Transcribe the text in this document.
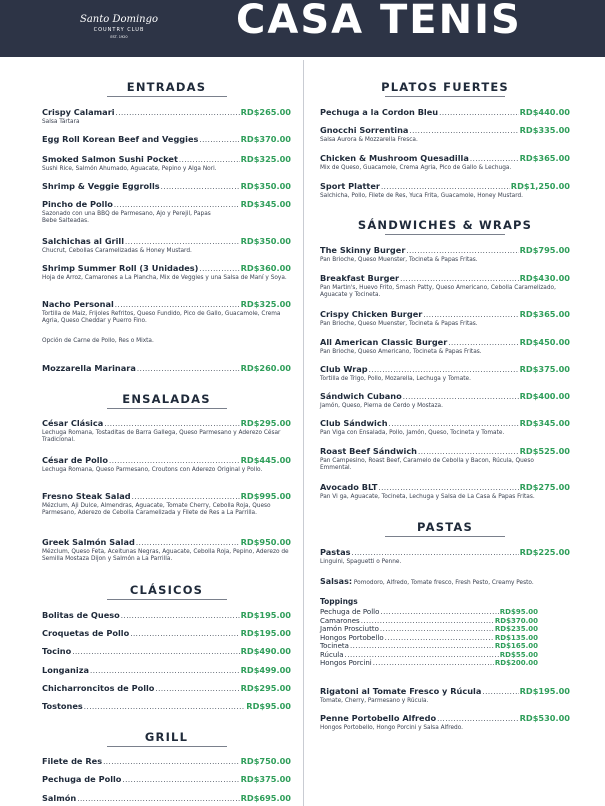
Santo Domingo
COUNTRY CLUB
EST. 1920	CASA TENIS
ENTRADAS
Crispy Calamari .....	RD$265.00
Salsa Tártara
Egg Roll Korean Beef and Veggies .....	RD$370.00
Smoked Salmon Sushi Pocket .....	RD$325.00
Sushi Rice, Salmón Ahumado, Aguacate, Pepino y Alga Nori.
Shrimp & Veggie Eggrolls .....	RD$350.00
Pincho de Pollo .....	RD$345.00
Sazonado con una BBQ de Parmesano, Ajo y Perejil, Papas Bebe Salteadas.
Salchichas al Grill .....	RD$350.00
Chucrut, Cebollas Caramelizadas & Honey Mustard.
Shrimp Summer Roll (3 Unidades) .....	RD$360.00
Hoja de Arroz, Camarones a La Plancha, Mix de Veggies y una Salsa de Maní y Soya.
Nacho Personal .....	RD$325.00
Tortilla de Maiz, Frijoles Refritos, Queso Fundido, Pico de Gallo, Guacamole, Crema Agria, Queso Cheddar y Puerro Fino.
Opción de Carne de Pollo, Res o Mixta.
Mozzarella Marinara .....	RD$260.00
ENSALADAS
César Clásica .....	RD$295.00
Lechuga Romana, Tostaditas de Barra Gallega, Queso Parmesano y Aderezo César Tradicional.
César de Pollo .....	RD$445.00
Lechuga Romana, Queso Parmesano, Croutons con Aderezo Original y Pollo.
Fresno Steak Salad .....	RD$995.00
Mézclum, Aji Dulce, Almendras, Aguacate, Tomate Cherry, Cebolla Roja, Queso Parmesano, Aderezo de Cebolla Caramelizada y Filete de Res a La Parrilla.
Greek Salmón Salad .....	RD$950.00
Mézclum, Queso Feta, Aceitunas Negras, Aguacate, Cebolla Roja, Pepino, Aderezo de Semilla Mostaza Dijon y Salmón a La Parrilla.
CLÁSICOS
Bolitas de Queso .....	RD$195.00
Croquetas de Pollo .....	RD$195.00
Tocino .....	RD$490.00
Longaniza .....	RD$499.00
Chicharroncitos de Pollo .....	RD$295.00
Tostones .....	RD$95.00
GRILL
Filete de Res .....	RD$750.00
Pechuga de Pollo .....	RD$375.00
Salmón .....	RD$695.00
PLATOS FUERTES
Pechuga a la Cordon Bleu .....	RD$440.00
Gnocchi Sorrentina .....	RD$335.00
Salsa Aurora & Mozzarella Fresca.
Chicken & Mushroom Quesadilla .....	RD$365.00
Mix de Queso, Guacamole, Crema Agria, Pico de Gallo & Lechuga.
Sport Platter .....	RD$1,250.00
Salchicha, Pollo, Filete de Res, Yuca Frita, Guacamole, Honey Mustard.
SÁNDWICHES & WRAPS
The Skinny Burger .....	RD$795.00
Pan Brioche, Queso Muenster, Tocineta & Papas Fritas.
Breakfast Burger .....	RD$430.00
Pan Martin's, Huevo Frito, Smash Patty, Queso Americano, Cebolla Caramelizado, Aguacate y Tocineta.
Crispy Chicken Burger .....	RD$365.00
Pan Brioche, Queso Muenster, Tocineta & Papas Fritas.
All American Classic Burger .....	RD$450.00
Pan Brioche, Queso Americano, Tocineta & Papas Fritas.
Club Wrap .....	RD$375.00
Tortilla de Trigo, Pollo, Mozarella, Lechuga y Tomate.
Sándwich Cubano .....	RD$400.00
Jamón, Queso, Pierna de Cerdo y Mostaza.
Club Sándwich .....	RD$345.00
Pan Viga con Ensalada, Pollo, Jamón, Queso, Tocineta y Tomate.
Roast Beef Sándwich .....	RD$525.00
Pan Campesino, Roast Beef, Caramelo de Cebolla y Bacon, Rúcula, Queso Emmental.
Avocado BLT .....	RD$275.00
Pan Vi ga, Aguacate, Tocineta, Lechuga y Salsa de La Casa & Papas Fritas.
PASTAS
Pastas .....	RD$225.00
Linguini, Spaguetti o Penne.
Salsas: Pomodoro, Alfredo, Tomate fresco, Fresh Pesto, Creamy Pesto.
Toppings
Pechuga de Pollo .....	RD$95.00
Camarones .....	RD$370.00
Jamón Prosciutto .....	RD$235.00
Hongos Portobello .....	RD$135.00
Tocineta .....	RD$165.00
Rúcula .....	RD$55.00
Hongos Porcini .....	RD$200.00
Rigatoni al Tomate Fresco y Rúcula .....	RD$195.00
Tomate, Cherry, Parmesano y Rúcula.
Penne Portobello Alfredo .....	RD$530.00
Hongos Portobello, Hongo Porcini y Salsa Alfredo.
